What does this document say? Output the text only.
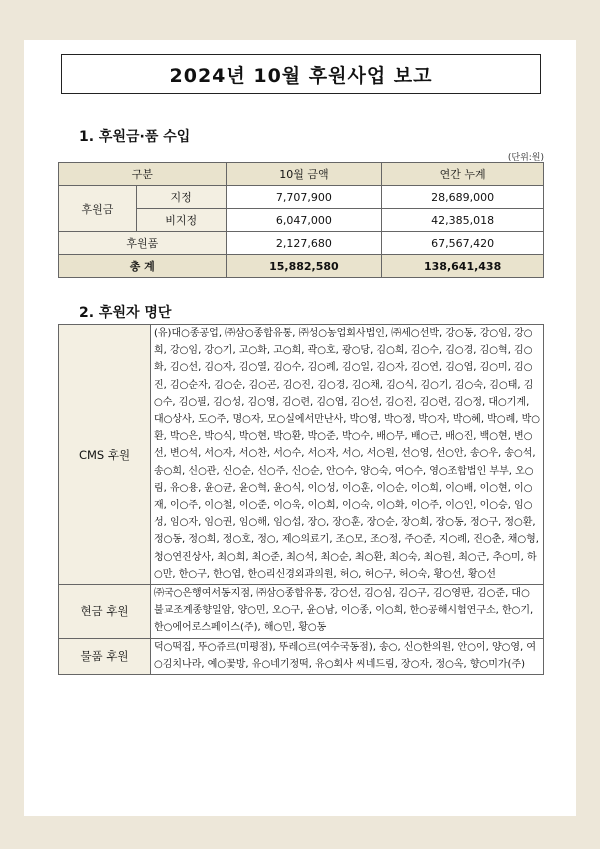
2024년 10월 후원사업 보고
1. 후원금·품 수입
(단위:원)
구분		10월 금액	연간 누계
후원금	지정	7,707,900	28,689,000
	비지정	6,047,000	42,385,018
후원품		2,127,680	67,567,420
총 계		15,882,580	138,641,438
2. 후원자 명단
CMS 후원	(유)대○종공업, ㈜삼○종합유통, ㈜성○농업회사법인, ㈜세○선박, 강○동, 강○임, 강○희, 강○임, 강○기, 고○화, 고○희, 곽○호, 광○당, 김○희, 김○수, 김○경, 김○혁, 김○화, 김○선, 김○자, 김○열, 김○수, 김○례, 김○일, 김○자, 김○연, 김○엽, 김○미, 김○진, 김○순자, 김○순, 김○곤, 김○진, 김○경, 김○채, 김○식, 김○기, 김○숙, 김○태, 김○수, 김○필, 김○성, 김○영, 김○련, 김○엽, 김○선, 김○진, 김○련, 김○정, 대○기계, 대○상사, 도○주, 명○자, 모○실에서만난사, 박○영, 박○정, 박○자, 박○혜, 박○례, 박○환, 박○은, 박○식, 박○현, 박○환, 박○준, 박○수, 배○무, 배○근, 배○진, 백○현, 변○선, 변○석, 서○자, 서○찬, 서○수, 서○자, 서○, 서○원, 선○영, 선○안, 송○우, 송○석, 송○희, 신○관, 신○순, 신○주, 신○순, 안○수, 양○숙, 여○수, 영○조합법인 부부, 오○림, 유○용, 윤○균, 윤○혁, 윤○식, 이○성, 이○훈, 이○순, 이○희, 이○배, 이○현, 이○재, 이○주, 이○철, 이○준, 이○욱, 이○희, 이○숙, 이○화, 이○주, 이○인, 이○승, 임○성, 임○자, 임○권, 임○해, 임○섭, 장○, 장○훈, 장○순, 장○희, 장○동, 정○구, 정○환, 정○동, 정○희, 정○호, 정○, 제○의료기, 조○모, 조○정, 주○준, 지○례, 진○춘, 채○형, 청○연진상사, 최○희, 최○준, 최○석, 최○순, 최○환, 최○숙, 최○원, 최○근, 추○미, 하○만, 한○구, 한○엽, 한○리신경외과의원, 허○, 허○구, 허○숙, 황○선, 황○선
현금 후원	㈜국○은행여서동지점, ㈜삼○종합유통, 강○선, 김○심, 김○구, 김○영판, 김○준, 대○불교조계종향일암, 양○민, 오○구, 윤○남, 이○종, 이○희, 한○공해시험연구소, 한○기, 한○에어로스페이스(주), 해○민, 황○동
물품 후원	덕○떡집, 뚜○쥬르(미평점), 뚜레○르(여수국동점), 송○, 신○한의원, 안○이, 양○영, 여○김치나라, 예○꽃방, 유○네기정떡, 유○회사 씨네드림, 장○자, 정○옥, 향○미가(주)
